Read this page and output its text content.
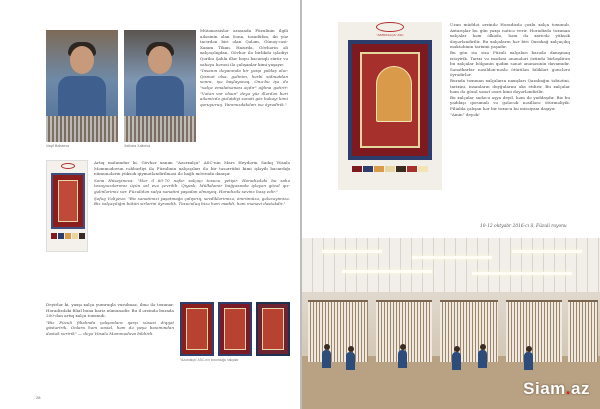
Vaqif Babaeva	Xalkara Xalbeva

Mütəxəssislər arasında Füzulinin ilgili ailəsinin olan Sona, təsadüfən, iki yüz tacirdən biri olan Qələm, Günəş-cəsi-Xanım Tikan. Hazırda, Gövhərin əli xalçaçılıqdan, Gövhər ilə birlikdə işlədiyi Qəribə Şahla illər boyu bacarıqlı sürür və sahəyə həvəsi ilə çalışanlar kimi yaşayır.

"İnsanın doyanında bir yaxşı yoldaş olur. Qismət olsa, gəlinim, hərbi xidmətdən sonra, işə başlayacaq. Onu-bu işə də "xalça emalatxanası açdır" ağlına gətirir: "Vətən var olsun" deyə yüz illərdən bəri ailəmizdə gizlətdiyi sənəti göz bəbəyi kimi qoruyuruq. Yanımızdakıları isə öyrədirik."

Artıq məlumdur ki, Gövhər xanım "Azərxalça" ASC-nin Mars Heydərin Sadıq Vüsalə Məmmədovun rəhbərliyi ilə Füzulinin xalçaçıları ilə bir təsərrüfat kimi işləyib bacardığı nümunələrin yüksək qiymətləndirilməsi ilə bağlı mövzuda danışır.

Sona Hüseyinova: "Hər il 60-70 nəfər xalçaçı toxucu yetişir. Horadizdəki bu sahə toxuyucularımız üçün əsl evə çevrilib. Qiyaslı, Mülkdəmir bağçasında işləyən gözəl qız-gəlinlərimiz var. Füzulidən xalça sənətini yaşadan olmayaq, Horadizdə sevinc bəxş edir."

Şəfəq Vəliyeva: "Biz sənətimizi yaşatmağa çalışırıq, sevdiklərimizə, ömrümüzə, gələcəyimizə. Biz xalçaçılığın bütün sirlərini öyrəndik. Toxuculuq bizə həm maddi, həm mənəvi dəstəkdir."

Deyirlər ki, yaxşı xalça yumruqla vurulmaz, ilmə ilə toxunar. Horadizdəki filial buna bariz nümunədir. Bu il ərzində burada 200-dən artıq xalça toxunub.

"Biz Füzuli filialında çalışanlara qarşı xüsusi diqqət göstəririk. Onlara həm sosial, həm də peşə baxımından dəstək veririk" — deyə Vüsalə Məmmədova bildirdi.

"Azərxalça" ASC-nin toxunduğu xalçalar
28
"AZƏRXALÇA" ASC

Uzun müddət ərzində Horadizdə çoxlu xalça toxunub. Axtarışlar bu gün yaxşı nəticə verir. Horadizdə toxunan xalçalar həm ölkədə, həm də xaricdə yüksək dəyərləndirilir. Bu xalçaların hər biri Qarabağ xalçaçılıq məktəbinin tarixini yaşadır.

Bu gün isə sizə Füzuli xalçaları barədə danışmaq istəyirik. Tarixi və mədəni ənənələri özündə birləşdirən bu xalçalar bölgənin qədim sənət ənənəsinin davamıdır. Sənətkarlar nəsildən-nəslə ötürülən bilikləri gənclərə öyrədirlər.

Burada toxunan xalçaların naxışları Qarabağın təbiətini, tarixini, insanların duyğularını əks etdirir. Bu xalçalar həm də gözəl sənət əsəri kimi dəyərləndirilir.

Bu xalçalar sadəcə əşya deyil, həm də yaddaşdır. Biz bu yaddaşı qorumalı və gələcək nəsillərə ötürməliyik. Filialda çalışan hər bir toxucu bu missiyanı daşıyır.

"Amin" deyək!

10-12 oktyabr 2016-cı il, Füzuli rayonu
Siam.az
